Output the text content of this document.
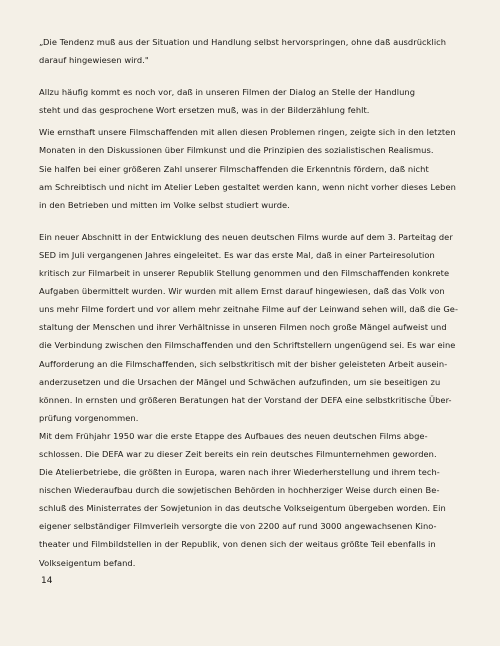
„Die Tendenz muß aus der Situation und Handlung selbst hervorspringen, ohne daß ausdrücklich
darauf hingewiesen wird."
Allzu häufig kommt es noch vor, daß in unseren Filmen der Dialog an Stelle der Handlung
steht und das gesprochene Wort ersetzen muß, was in der Bilderzählung fehlt.
Wie ernsthaft unsere Filmschaffenden mit allen diesen Problemen ringen, zeigte sich in den letzten
Monaten in den Diskussionen über Filmkunst und die Prinzipien des sozialistischen Realismus.
Sie halfen bei einer größeren Zahl unserer Filmschaffenden die Erkenntnis fördern, daß nicht
am Schreibtisch und nicht im Atelier Leben gestaltet werden kann, wenn nicht vorher dieses Leben
in den Betrieben und mitten im Volke selbst studiert wurde.
Ein neuer Abschnitt in der Entwicklung des neuen deutschen Films wurde auf dem 3. Parteitag der
SED im Juli vergangenen Jahres eingeleitet. Es war das erste Mal, daß in einer Parteiresolution
kritisch zur Filmarbeit in unserer Republik Stellung genommen und den Filmschaffenden konkrete
Aufgaben übermittelt wurden. Wir wurden mit allem Ernst darauf hingewiesen, daß das Volk von
uns mehr Filme fordert und vor allem mehr zeitnahe Filme auf der Leinwand sehen will, daß die Ge-
staltung der Menschen und ihrer Verhältnisse in unseren Filmen noch große Mängel aufweist und
die Verbindung zwischen den Filmschaffenden und den Schriftstellern ungenügend sei. Es war eine
Aufforderung an die Filmschaffenden, sich selbstkritisch mit der bisher geleisteten Arbeit ausein-
anderzusetzen und die Ursachen der Mängel und Schwächen aufzufinden, um sie beseitigen zu
können. In ernsten und größeren Beratungen hat der Vorstand der DEFA eine selbstkritische Über-
prüfung vorgenommen.
Mit dem Frühjahr 1950 war die erste Etappe des Aufbaues des neuen deutschen Films abge-
schlossen. Die DEFA war zu dieser Zeit bereits ein rein deutsches Filmunternehmen geworden.
Die Atelierbetriebe, die größten in Europa, waren nach ihrer Wiederherstellung und ihrem tech-
nischen Wiederaufbau durch die sowjetischen Behörden in hochherziger Weise durch einen Be-
schluß des Ministerrates der Sowjetunion in das deutsche Volkseigentum übergeben worden. Ein
eigener selbständiger Filmverleih versorgte die von 2200 auf rund 3000 angewachsenen Kino-
theater und Filmbildstellen in der Republik, von denen sich der weitaus größte Teil ebenfalls in
Volkseigentum befand.
14
